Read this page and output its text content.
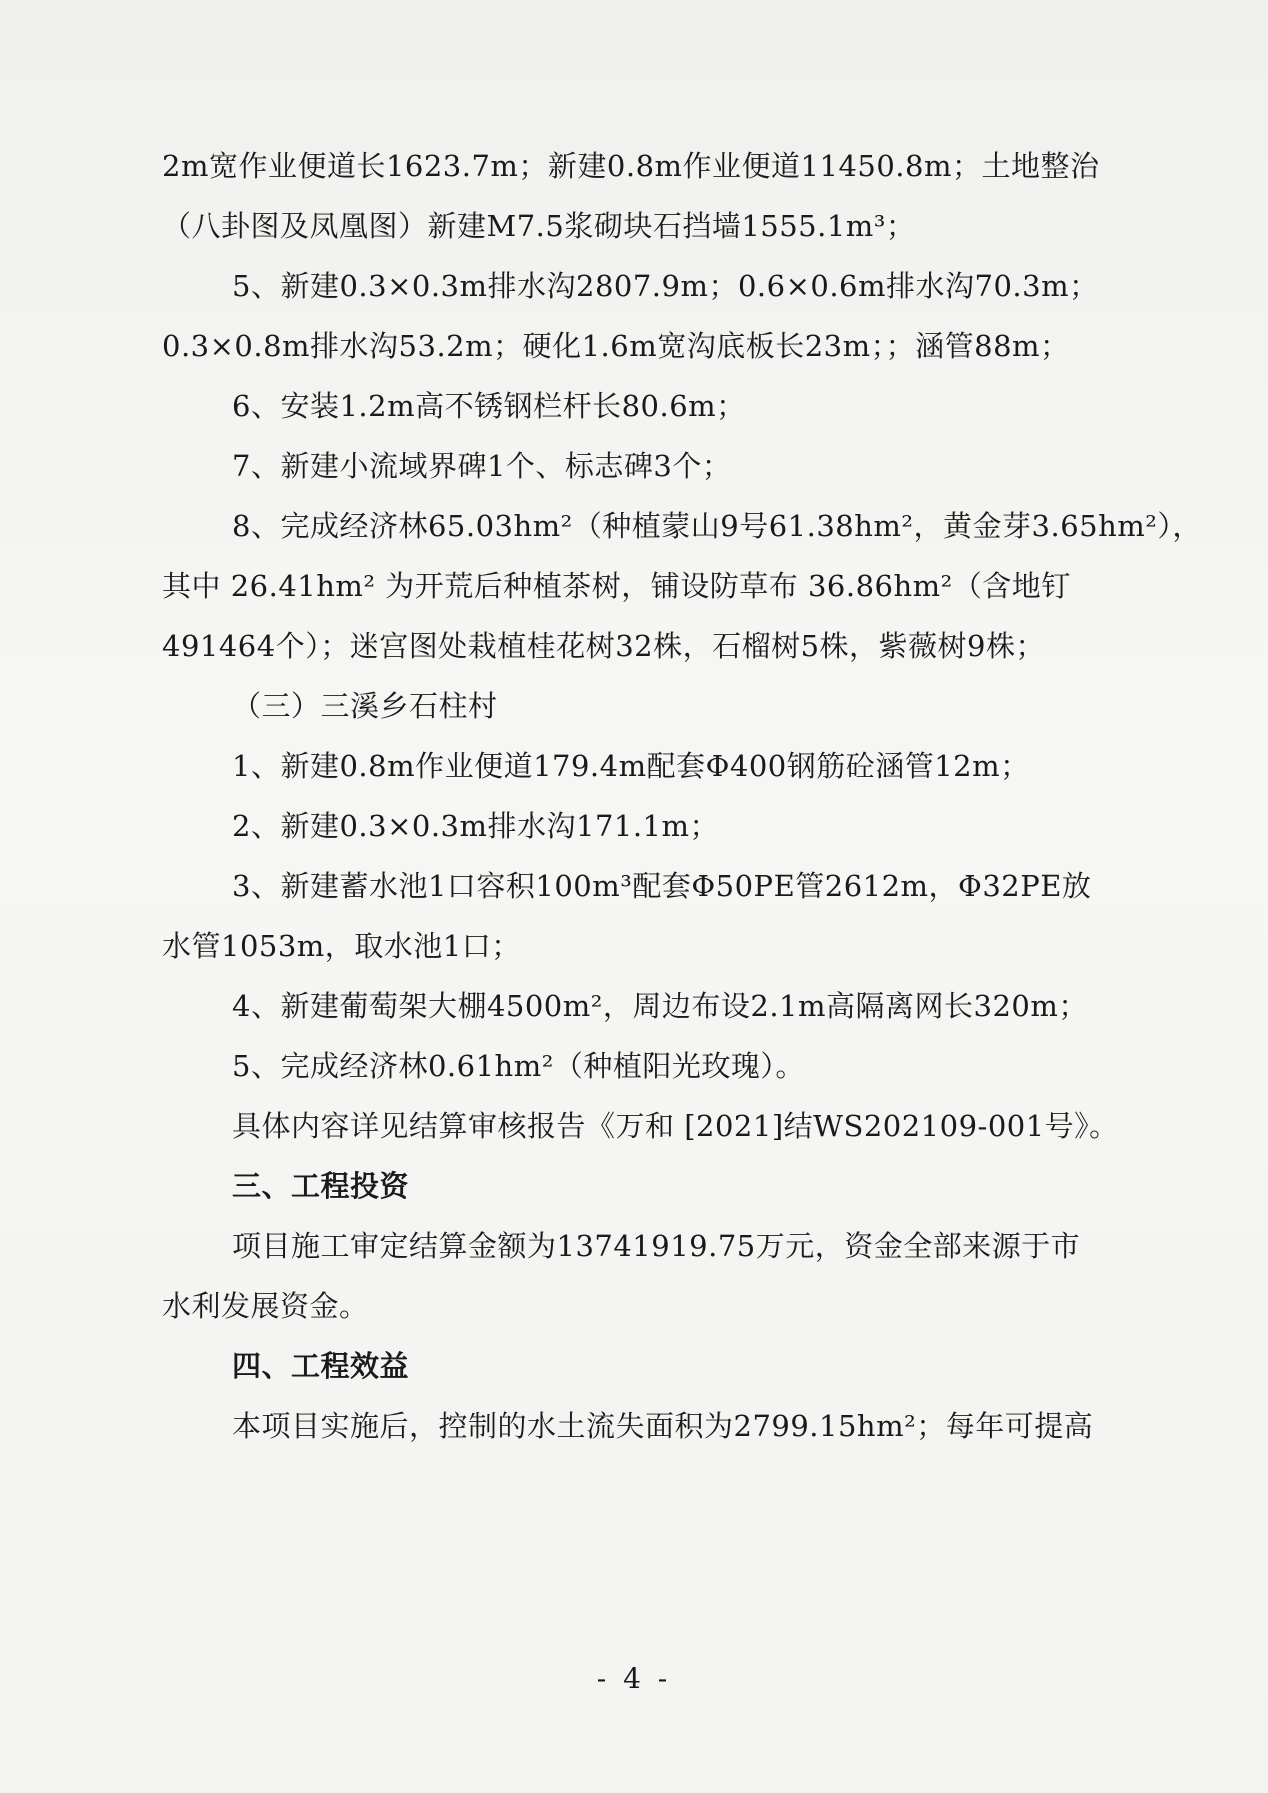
2m宽作业便道长1623.7m；新建0.8m作业便道11450.8m；土地整治
（八卦图及凤凰图）新建M7.5浆砌块石挡墙1555.1m³；
5、新建0.3×0.3m排水沟2807.9m；0.6×0.6m排水沟70.3m；
0.3×0.8m排水沟53.2m；硬化1.6m宽沟底板长23m；；涵管88m；
6、安装1.2m高不锈钢栏杆长80.6m；
7、新建小流域界碑1个、标志碑3个；
8、完成经济林65.03hm²（种植蒙山9号61.38hm²，黄金芽3.65hm²），
其中 26.41hm² 为开荒后种植茶树，铺设防草布 36.86hm²（含地钉
491464个）；迷宫图处栽植桂花树32株，石榴树5株，紫薇树9株；
（三）三溪乡石柱村
1、新建0.8m作业便道179.4m配套Φ400钢筋砼涵管12m；
2、新建0.3×0.3m排水沟171.1m；
3、新建蓄水池1口容积100m³配套Φ50PE管2612m，Φ32PE放
水管1053m，取水池1口；
4、新建葡萄架大棚4500m²，周边布设2.1m高隔离网长320m；
5、完成经济林0.61hm²（种植阳光玫瑰）。
具体内容详见结算审核报告《万和 [2021]结WS202109-001号》。
三、工程投资
项目施工审定结算金额为13741919.75万元，资金全部来源于市
水利发展资金。
四、工程效益
本项目实施后，控制的水土流失面积为2799.15hm²；每年可提高
- 4 -
